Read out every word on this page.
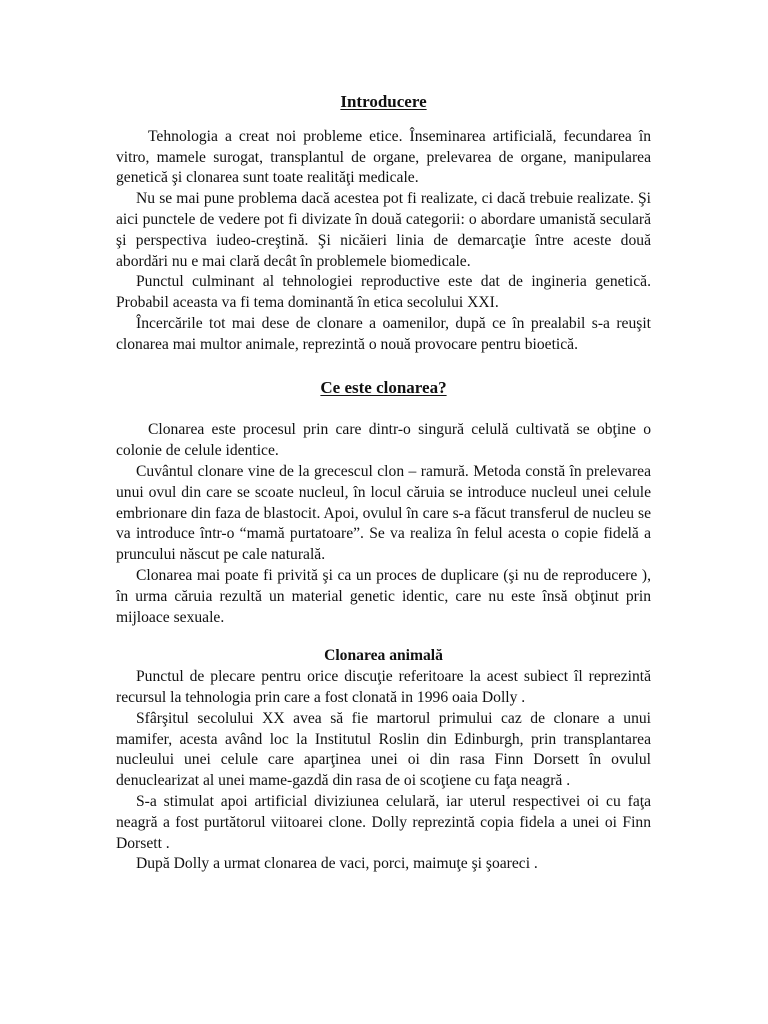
Introducere

Tehnologia a creat noi probleme etice. Înseminarea artificială, fecundarea în vitro, mamele surogat, transplantul de organe, prelevarea de organe, manipularea genetică şi clonarea sunt toate realităţi medicale.

Nu se mai pune problema dacă acestea pot fi realizate, ci dacă trebuie realizate. Şi aici punctele de vedere pot fi divizate în două categorii: o abordare umanistă seculară şi perspectiva iudeo-creştină. Şi nicăieri linia de demarcaţie între aceste două abordări nu e mai clară decât în problemele biomedicale.

Punctul culminant al tehnologiei reproductive este dat de ingineria genetică. Probabil aceasta va fi tema dominantă în etica secolului XXI.

Încercările tot mai dese de clonare a oamenilor, după ce în prealabil s-a reuşit clonarea mai multor animale, reprezintă o nouă provocare pentru bioetică.

Ce este clonarea?

Clonarea este procesul prin care dintr-o singură celulă cultivată se obţine o colonie de celule identice.

Cuvântul clonare vine de la grecescul clon – ramură. Metoda constă în prelevarea unui ovul din care se scoate nucleul, în locul căruia se introduce nucleul unei celule embrionare din faza de blastocit. Apoi, ovulul în care s-a făcut transferul de nucleu se va introduce într-o “mamă purtatoare”. Se va realiza în felul acesta o copie fidelă a pruncului născut pe cale naturală.

Clonarea mai poate fi privită şi ca un proces de duplicare (şi nu de reproducere ), în urma căruia rezultă un material genetic identic, care nu este însă obţinut prin mijloace sexuale.

Clonarea animală

Punctul de plecare pentru orice discuţie referitoare la acest subiect îl reprezintă recursul la tehnologia prin care a fost clonată in 1996 oaia Dolly .

Sfârşitul secolului XX avea să fie martorul primului caz de clonare a unui mamifer, acesta având loc la Institutul Roslin din Edinburgh, prin transplantarea nucleului unei celule care aparţinea unei oi din rasa Finn Dorsett în ovulul denuclearizat al unei mame-gazdă din rasa de oi scoţiene cu faţa neagră .

S-a stimulat apoi artificial diviziunea celulară, iar uterul respectivei oi cu faţa neagră a fost purtătorul viitoarei clone. Dolly reprezintă copia fidela a unei oi Finn Dorsett .

După Dolly a urmat clonarea de vaci, porci, maimuţe şi şoareci .
